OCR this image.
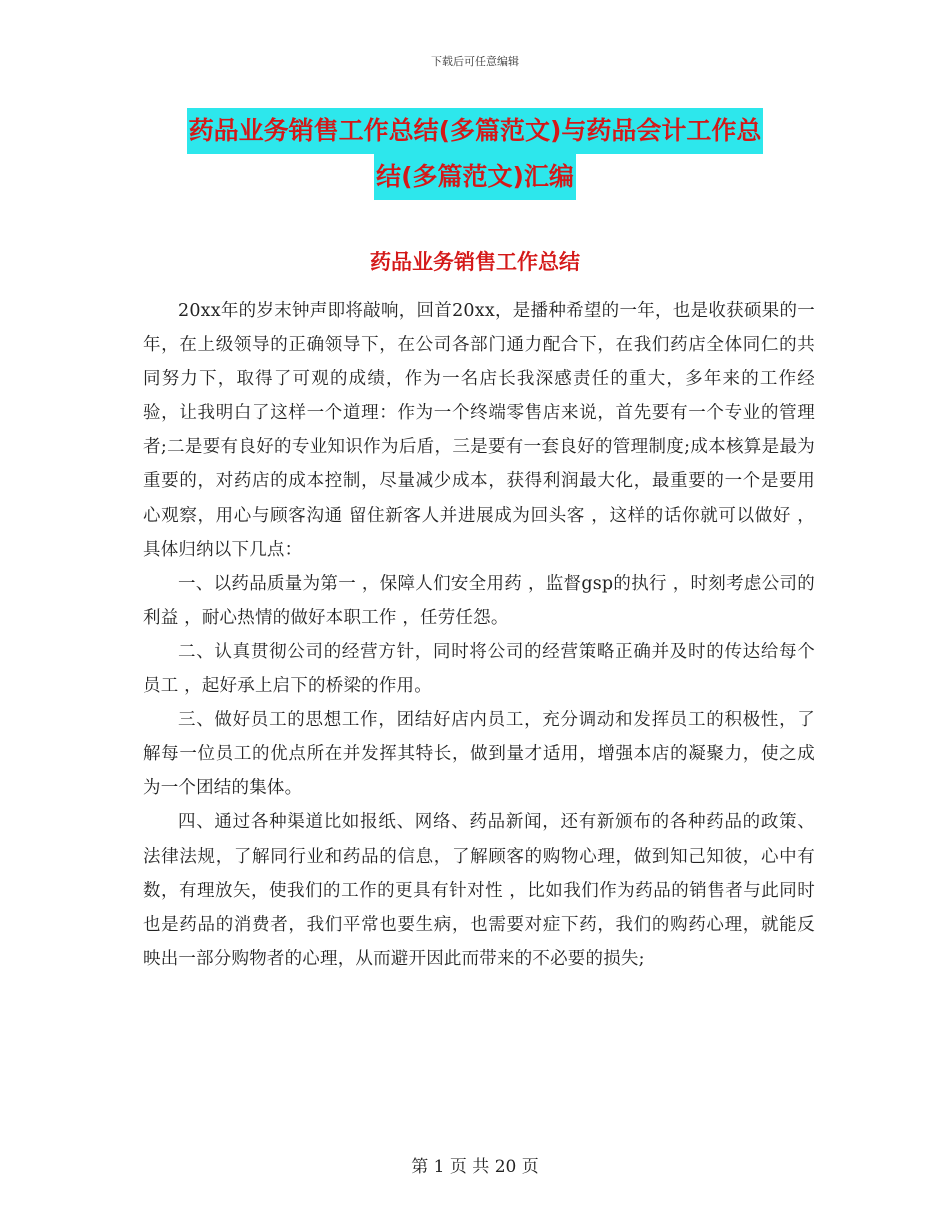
下载后可任意编辑
药品业务销售工作总结(多篇范文)与药品会计工作总
结(多篇范文)汇编
药品业务销售工作总结

20xx年的岁末钟声即将敲响，回首20xx，是播种希望的一年，也是收获硕果的一年，在上级领导的正确领导下，在公司各部门通力配合下，在我们药店全体同仁的共同努力下，取得了可观的成绩，作为一名店长我深感责任的重大，多年来的工作经验，让我明白了这样一个道理：作为一个终端零售店来说，首先要有一个专业的管理者;二是要有良好的专业知识作为后盾，三是要有一套良好的管理制度;成本核算是最为重要的，对药店的成本控制，尽量减少成本，获得利润最大化，最重要的一个是要用心观察，用心与顾客沟通 留住新客人并进展成为回头客 ，这样的话你就可以做好 ，具体归纳以下几点：

一、以药品质量为第一 ，保障人们安全用药 ，监督gsp的执行 ，时刻考虑公司的利益 ，耐心热情的做好本职工作 ，任劳任怨。

二、认真贯彻公司的经营方针，同时将公司的经营策略正确并及时的传达给每个员工 ，起好承上启下的桥梁的作用。

三、做好员工的思想工作，团结好店内员工，充分调动和发挥员工的积极性，了解每一位员工的优点所在并发挥其特长，做到量才适用，增强本店的凝聚力，使之成为一个团结的集体。

四、通过各种渠道比如报纸、网络、药品新闻，还有新颁布的各种药品的政策、法律法规，了解同行业和药品的信息，了解顾客的购物心理，做到知己知彼，心中有数，有理放矢，使我们的工作的更具有针对性 ，比如我们作为药品的销售者与此同时也是药品的消费者，我们平常也要生病，也需要对症下药，我们的购药心理，就能反映出一部分购物者的心理，从而避开因此而带来的不必要的损失;

第 1 页 共 20 页
